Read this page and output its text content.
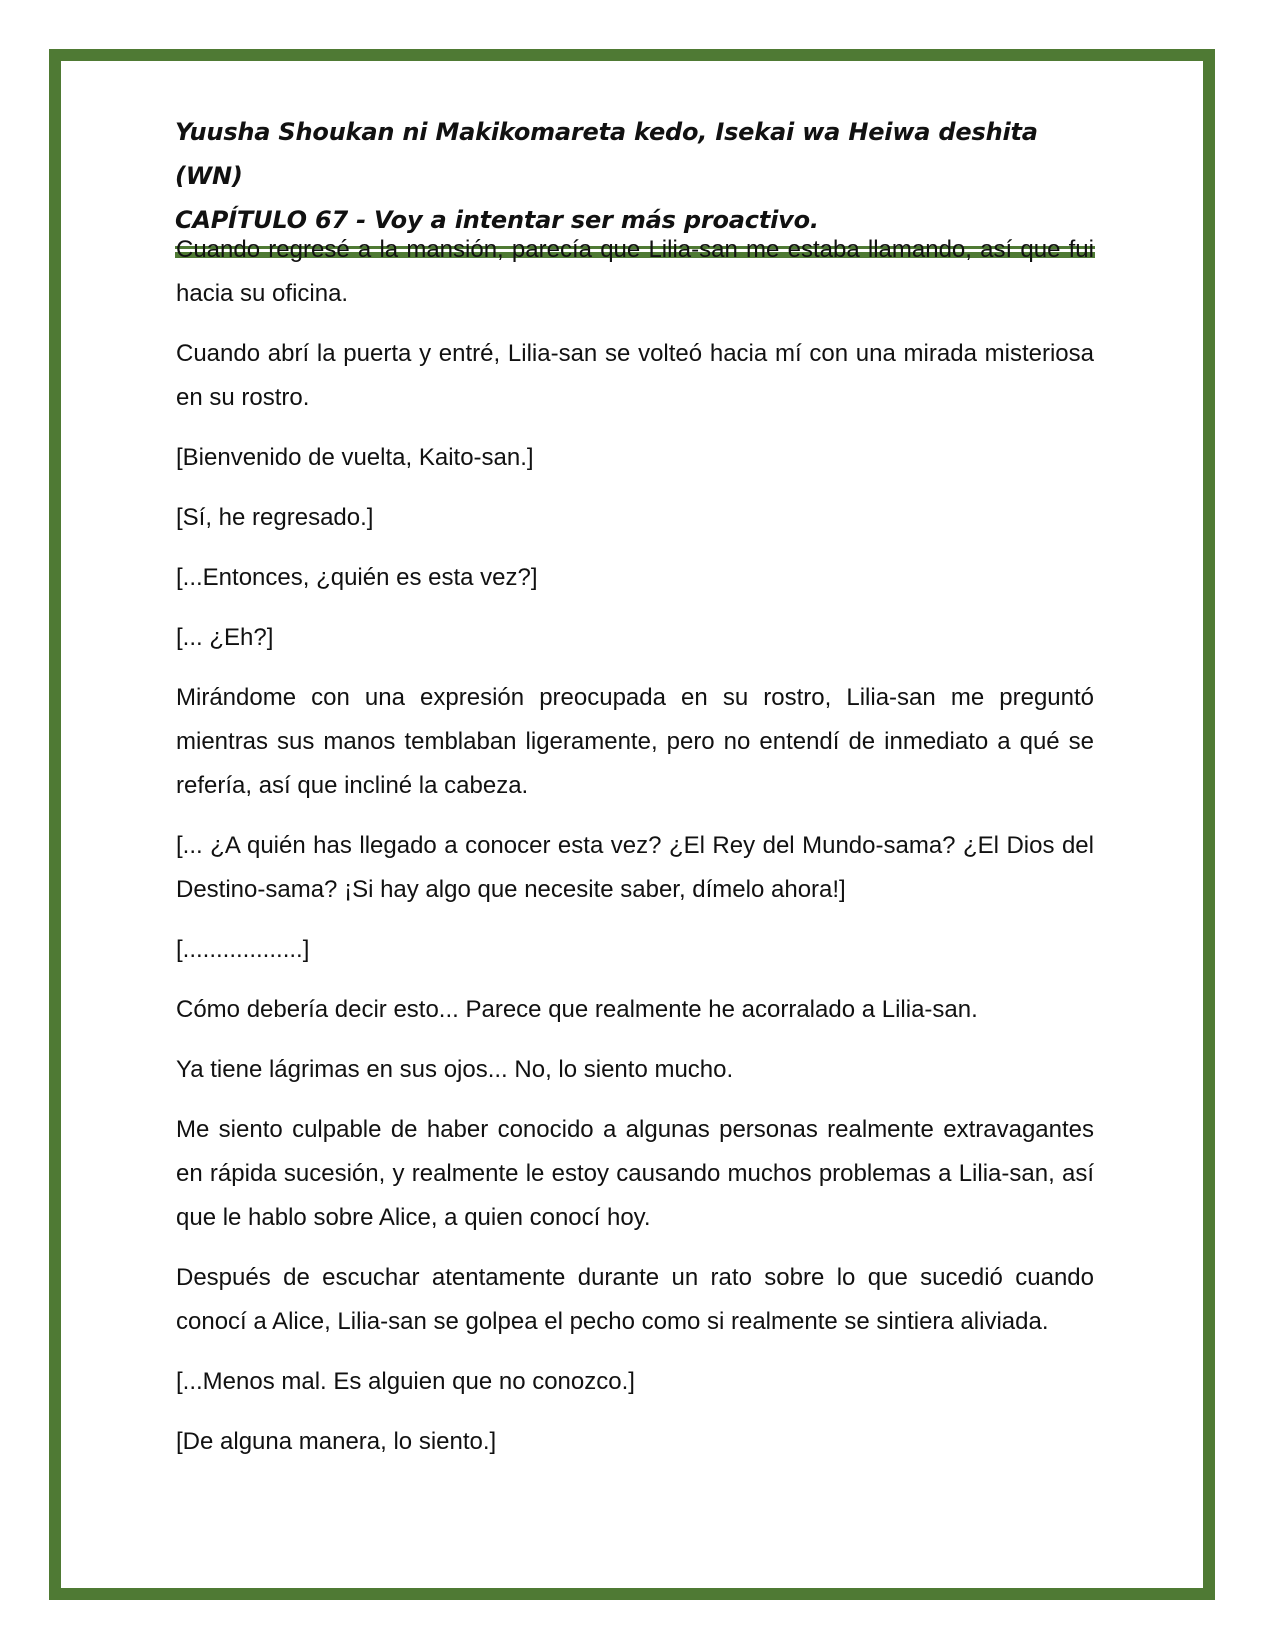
Yuusha Shoukan ni Makikomareta kedo, Isekai wa Heiwa deshita (WN)

CAPÍTULO 67 - Voy a intentar ser más proactivo.

Cuando regresé a la mansión, parecía que Lilia-san me estaba llamando, así que fui hacia su oficina.

Cuando abrí la puerta y entré, Lilia-san se volteó hacia mí con una mirada misteriosa en su rostro.

[Bienvenido de vuelta, Kaito-san.]

[Sí, he regresado.]

[...Entonces, ¿quién es esta vez?]

[... ¿Eh?]

Mirándome con una expresión preocupada en su rostro, Lilia-san me preguntó mientras sus manos temblaban ligeramente, pero no entendí de inmediato a qué se refería, así que incliné la cabeza.

[... ¿A quién has llegado a conocer esta vez? ¿El Rey del Mundo-sama? ¿El Dios del Destino-sama? ¡Si hay algo que necesite saber, dímelo ahora!]

[..................]

Cómo debería decir esto... Parece que realmente he acorralado a Lilia-san.

Ya tiene lágrimas en sus ojos... No, lo siento mucho.

Me siento culpable de haber conocido a algunas personas realmente extravagantes en rápida sucesión, y realmente le estoy causando muchos problemas a Lilia-san, así que le hablo sobre Alice, a quien conocí hoy.

Después de escuchar atentamente durante un rato sobre lo que sucedió cuando conocí a Alice, Lilia-san se golpea el pecho como si realmente se sintiera aliviada.

[...Menos mal. Es alguien que no conozco.]

[De alguna manera, lo siento.]
